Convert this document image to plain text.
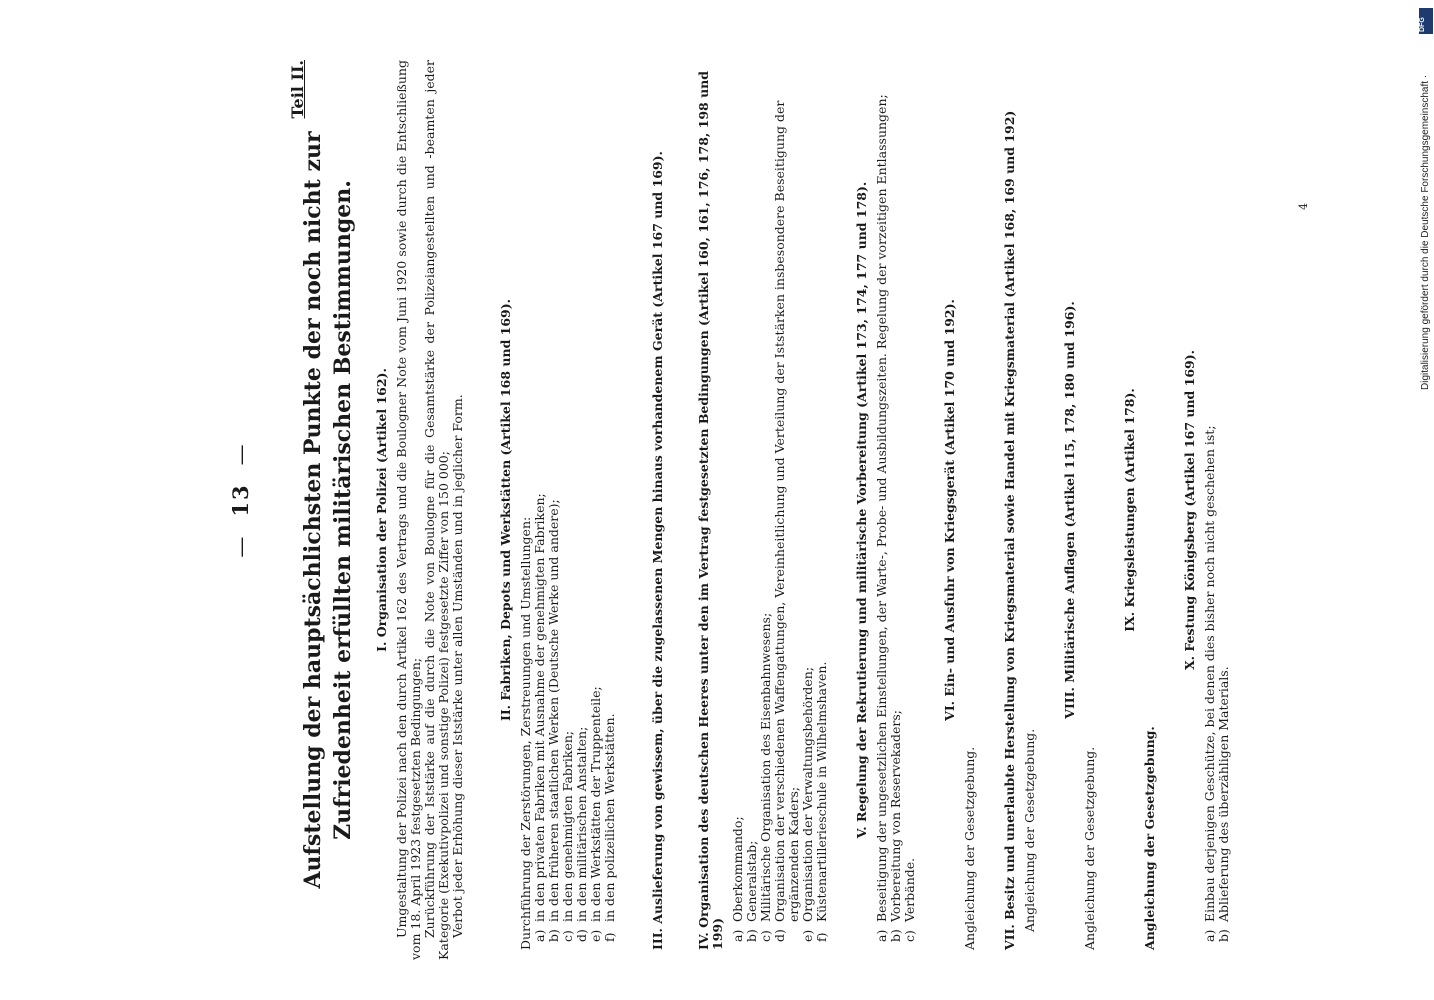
—13—
Teil II.
Aufstellung der hauptsächlichsten Punkte der noch nicht zur Zufriedenheit erfüllten militärischen Bestimmungen. I. Organisation der Polizei (Artikel 162). Umgestaltung der Polizei nach den durch Artikel 162 des Vertrags und die Boulogner Note vom Juni 1920 sowie durch die Entschließung vom 18. April 1923 festgesetzten Bedingungen; Zurückführung der Iststärke auf die durch die Note von Boulogne für die Gesamtstärke der Polizeiangestellten und -beamten jeder Kategorie (Exekutivpolizei und sonstige Polizei) festgesetzte Ziffer von 150 000; Verbot jeder Erhöhung dieser Iststärke unter allen Umständen und in jeglicher Form.	II. Fabriken, Depots und Werkstätten (Artikel 168 und 169).

Durchführung der Zerstörungen, Zerstreuungen und Umstellungen: a)
in den privaten Fabriken mit Ausnahme der genehmigten Fabriken;
b)
in den früheren staatlichen Werken (Deutsche Werke und andere);
c)
in den genehmigten Fabriken;
d)
in den militärischen Anstalten;
e)
in den Werkstätten der Truppenteile;
f)
in den polizeilichen Werkstätten.	III. Auslieferung von gewissem, über die zugelassenen Mengen hinaus vorhandenem Gerät (Artikel 167 und 169). IV. Organisation des deutschen Heeres unter den im Vertrag festgesetzten Bedingungen (Artikel 160, 161, 176, 178, 198 und 199) a)
Oberkommando;
b)
Generalstab;
c)
Militärische Organisation des Eisenbahnwesens;
d)
Organisation der verschiedenen Waffengattungen, Vereinheitlichung und Verteilung der Iststärken insbesondere Beseitigung der ergänzenden Kaders;
e)
Organisation der Verwaltungsbehörden;
f)
Küstenartillerieschule in Wilhelmshaven. V. Regelung der Rekrutierung und militärische Vorbereitung (Artikel 173, 174, 177 und 178).
a)
Beseitigung der ungesetzlichen Einstellungen, der Warte-, Probe- und Ausbildungszeiten. Regelung der vorzeitigen Entlassungen;
b)
Vorbereitung von Reservekaders;
c)
Verbände.
VI. Ein- und Ausfuhr von Kriegsgerät (Artikel 170 und 192).

Angleichung der Gesetzgebung. VII. Besitz und unerlaubte Herstellung von Kriegsmaterial sowie Handel mit Kriegsmaterial (Artikel 168, 169 und 192) Angleichung der Gesetzgebung.

VIII. Militärische Auflagen (Artikel 115, 178, 180 und 196).

Angleichung der Gesetzgebung.

IX. Kriegsleistungen (Artikel 178).

Angleichung der Gesetzgebung.

X. Festung Königsberg (Artikel 167 und 169).
a)
Einbau derjenigen Geschütze, bei denen dies bisher noch nicht geschehen ist;
b)
Ablieferung des überzähligen Materials.
4
DFG
Digitalisierung gefördert durch die Deutsche Forschungsgemeinschaft ·
